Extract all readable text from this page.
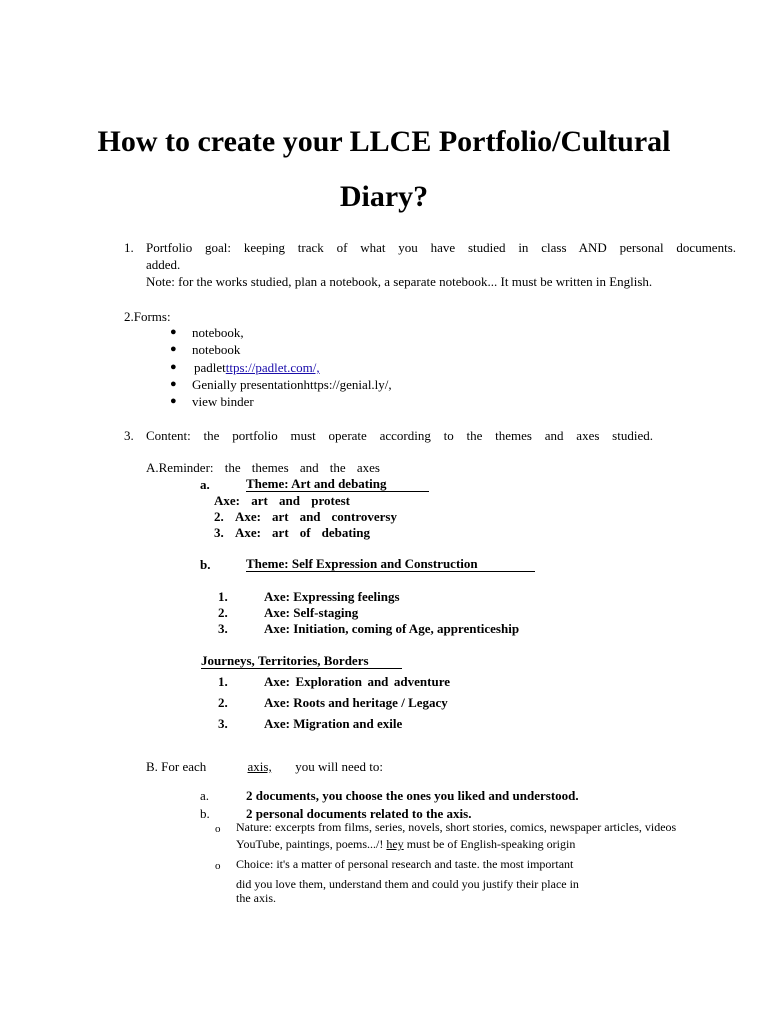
How to create your LLCE Portfolio/Cultural
Diary?
1. Portfolio goal: keeping track of what you have studied in class AND personal documents.
added.
Note: for the works studied, plan a notebook, a separate notebook... It must be written in English.
2.Forms:
● notebook,
● notebook
● padletttps://padlet.com/,
● Genially presentationhttps://genial.ly/,
● view binder
3. Content: the portfolio must operate according to the themes and axes studied.
A.Reminder: the themes and the axes
a.	Theme: Art and debating
Axe: art and protest
2. Axe: art and controversy
3. Axe: art of debating
b.	Theme: Self Expression and Construction
1.	Axe: Expressing feelings
2.	Axe: Self-staging
3.	Axe: Initiation, coming of Age, apprenticeship
Journeys, Territories, Borders
1.	Axe: Exploration and adventure
2.	Axe: Roots and heritage / Legacy
3.	Axe: Migration and exile
B. For each	axis, you will need to:
a.	2 documents, you choose the ones you liked and understood.
b.	2 personal documents related to the axis.
o Nature: excerpts from films, series, novels, short stories, comics, newspaper articles, videos
YouTube, paintings, poems.../! hey must be of English-speaking origin
o Choice: it's a matter of personal research and taste. the most important
did you love them, understand them and could you justify their place in
the axis.
